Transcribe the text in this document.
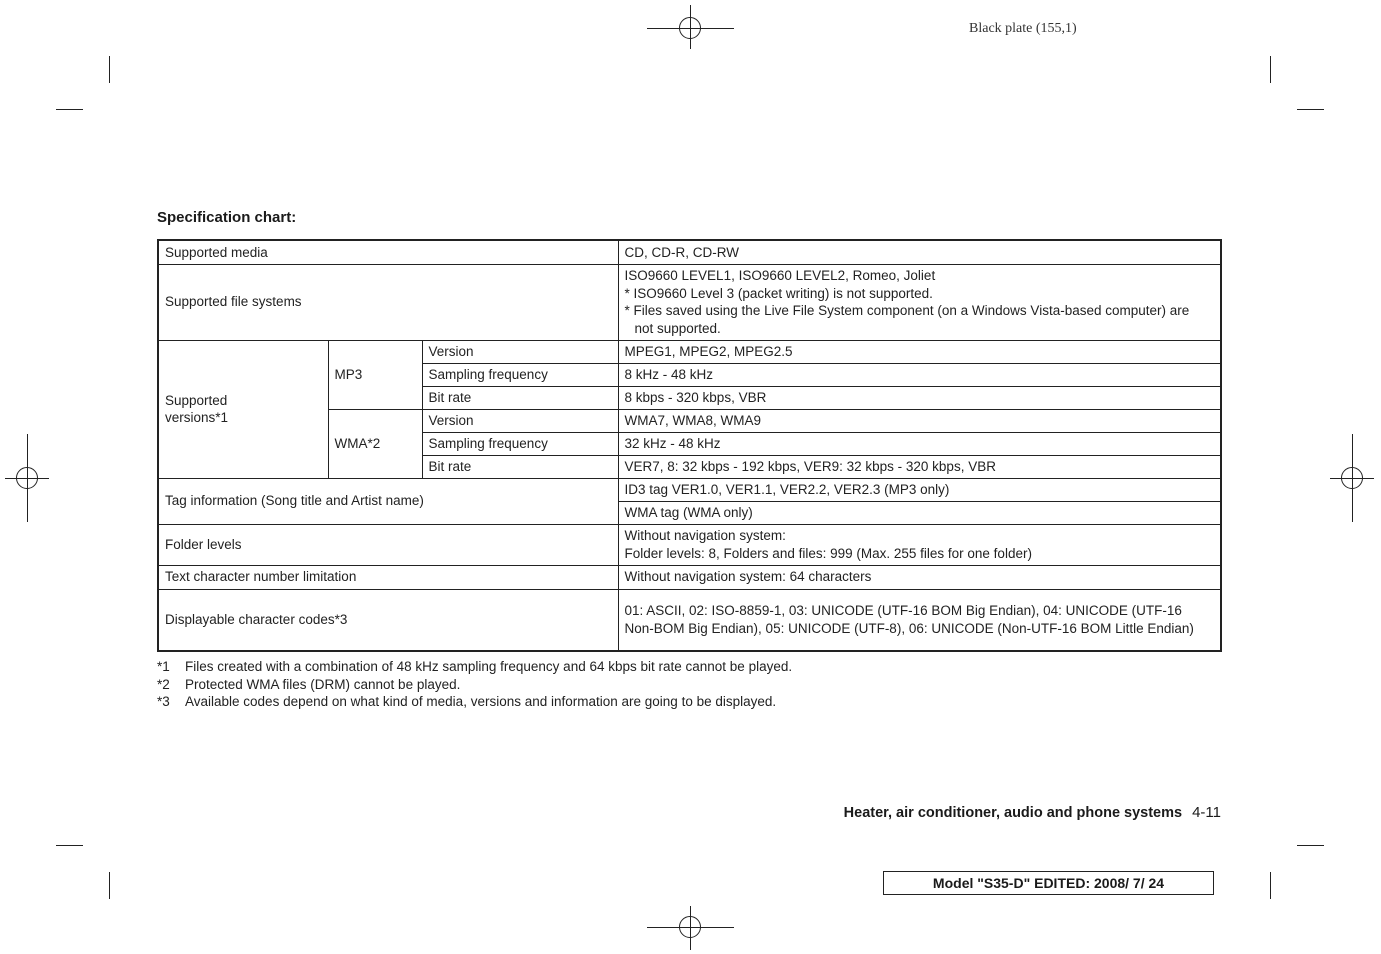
Black plate (155,1)
Specification chart:
Supported media			CD, CD-R, CD-RW
Supported file systems			ISO9660 LEVEL1, ISO9660 LEVEL2, Romeo, Joliet
* ISO9660 Level 3 (packet writing) is not supported.
* Files saved using the Live File System component (on a Windows Vista-based computer) are
not supported.

Supported
versions*1	MP3	Version	MPEG1, MPEG2, MPEG2.5
		Sampling frequency	8 kHz - 48 kHz
		Bit rate	8 kbps - 320 kbps, VBR
	WMA*2	Version	WMA7, WMA8, WMA9
		Sampling frequency	32 kHz - 48 kHz
		Bit rate	VER7, 8: 32 kbps - 192 kbps, VER9: 32 kbps - 320 kbps, VBR
Tag information (Song title and Artist name)			ID3 tag VER1.0, VER1.1, VER2.2, VER2.3 (MP3 only)
			WMA tag (WMA only)
Folder levels			Without navigation system:
Folder levels: 8, Folders and files: 999 (Max. 255 files for one folder)

Text character number limitation			Without navigation system: 64 characters
Displayable character codes*3			01: ASCII, 02: ISO-8859-1, 03: UNICODE (UTF-16 BOM Big Endian), 04: UNICODE (UTF-16 Non-BOM Big Endian), 05: UNICODE (UTF-8), 06: UNICODE (Non-UTF-16 BOM Little Endian)
*1 Files created with a combination of 48 kHz sampling frequency and 64 kbps bit rate cannot be played.
*2 Protected WMA files (DRM) cannot be played.
*3 Available codes depend on what kind of media, versions and information are going to be displayed.
Heater, air conditioner, audio and phone systems 4-11
Model "S35-D" EDITED: 2008/ 7/ 24
